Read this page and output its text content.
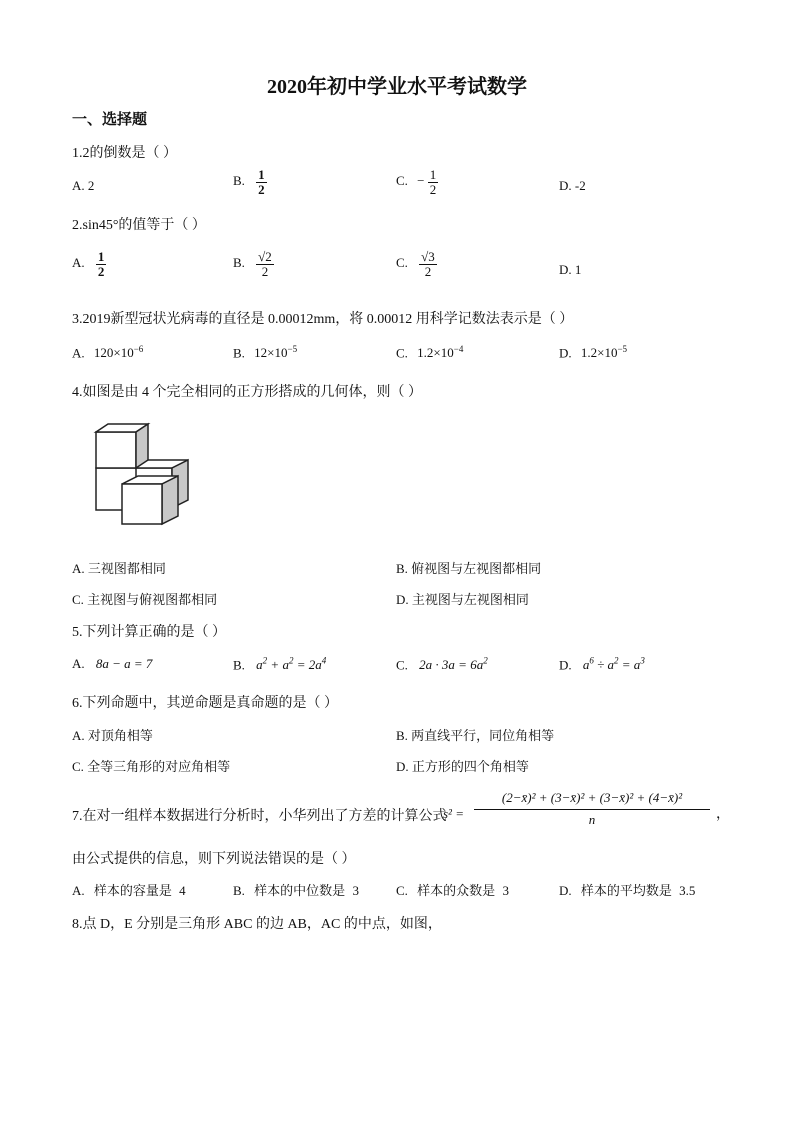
2020年初中学业水平考试数学
一、选择题
1.2的倒数是（ ）
A. 2	B. $\frac{1}{2}$	C. − $\frac{1}{2}$	D. -2
2.sin45°的值等于（ ）
A. $\frac{1}{2}$	B. $\frac{√2}{2}$	C. $\frac{√3}{2}$	D. 1
3.2019新型冠状光病毒的直径是 0.00012mm，将 0.00012 用科学记数法表示是（ ）
A. $120\times 10^{-6}$	B. $12\times 10^{-5}$	C. $1.2\times 10^{-4}$	D. $1.2\times 10^{-5}$
4.如图是由 4 个完全相同的正方形搭成的几何体，则（ ）
A. 三视图都相同	B. 俯视图与左视图都相同
C. 主视图与俯视图都相同	D. 主视图与左视图相同
5.下列计算正确的是（ ）
A. 8a − a = 7	B. $a^2 + a^2 = 2a^4$	C. $2a \cdot 3a = 6a^2$	D. $a^6 \div a^2 = a^3$
6.下列命题中，其逆命题是真命题的是（ ）
A. 对顶角相等	B. 两直线平行，同位角相等
C. 全等三角形的对应角相等	D. 正方形的四个角相等
7.在对一组样本数据进行分析时，小华列出了方差的计算公式
$s^2 = \frac{\text{(2−x̄)² + (3−x̄)² + (3−x̄)² + (4−x̄)²}}{n}$ ，
由公式提供的信息，则下列说法错误的是（ ）
A. 样本的容量是 4	B. 样本的中位数是 3	C. 样本的众数是 3	D. 样本的平均数是 3.5
8.点 D，E 分别是三角形 ABC 的边 AB，AC 的中点，如图，
